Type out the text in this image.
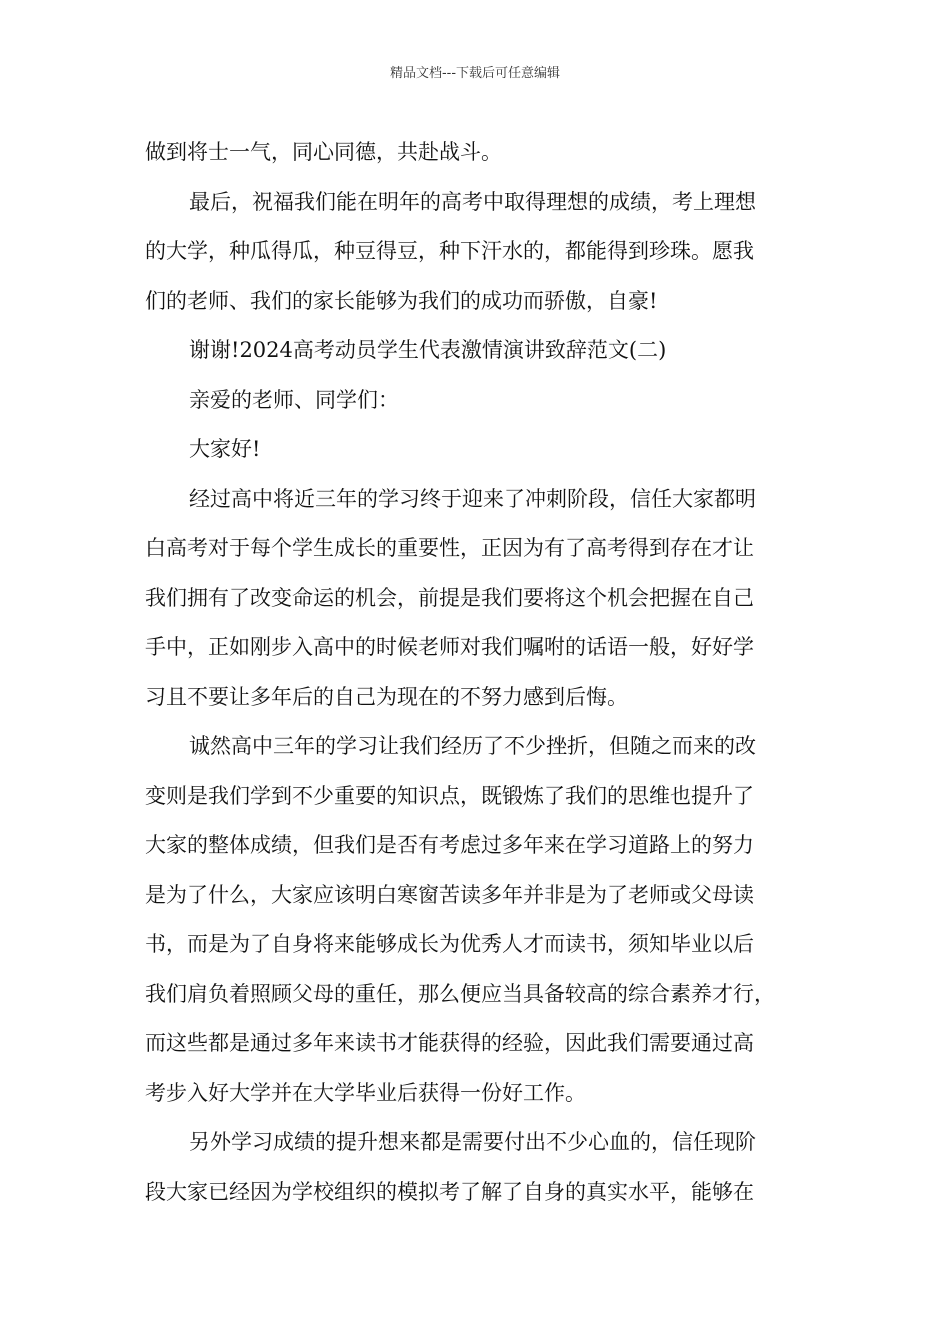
精品文档---下载后可任意编辑
做到将士一气，同心同德，共赴战斗。
最后，祝福我们能在明年的高考中取得理想的成绩，考上理想
的大学，种瓜得瓜，种豆得豆，种下汗水的，都能得到珍珠。愿我
们的老师、我们的家长能够为我们的成功而骄傲，自豪!
谢谢!2024高考动员学生代表激情演讲致辞范文(二)
亲爱的老师、同学们：
大家好!
经过高中将近三年的学习终于迎来了冲刺阶段，信任大家都明
白高考对于每个学生成长的重要性，正因为有了高考得到存在才让
我们拥有了改变命运的机会，前提是我们要将这个机会把握在自己
手中，正如刚步入高中的时候老师对我们嘱咐的话语一般，好好学
习且不要让多年后的自己为现在的不努力感到后悔。
诚然高中三年的学习让我们经历了不少挫折，但随之而来的改
变则是我们学到不少重要的知识点，既锻炼了我们的思维也提升了
大家的整体成绩，但我们是否有考虑过多年来在学习道路上的努力
是为了什么，大家应该明白寒窗苦读多年并非是为了老师或父母读
书，而是为了自身将来能够成长为优秀人才而读书，须知毕业以后
我们肩负着照顾父母的重任，那么便应当具备较高的综合素养才行，
而这些都是通过多年来读书才能获得的经验，因此我们需要通过高
考步入好大学并在大学毕业后获得一份好工作。
另外学习成绩的提升想来都是需要付出不少心血的，信任现阶
段大家已经因为学校组织的模拟考了解了自身的真实水平，能够在
